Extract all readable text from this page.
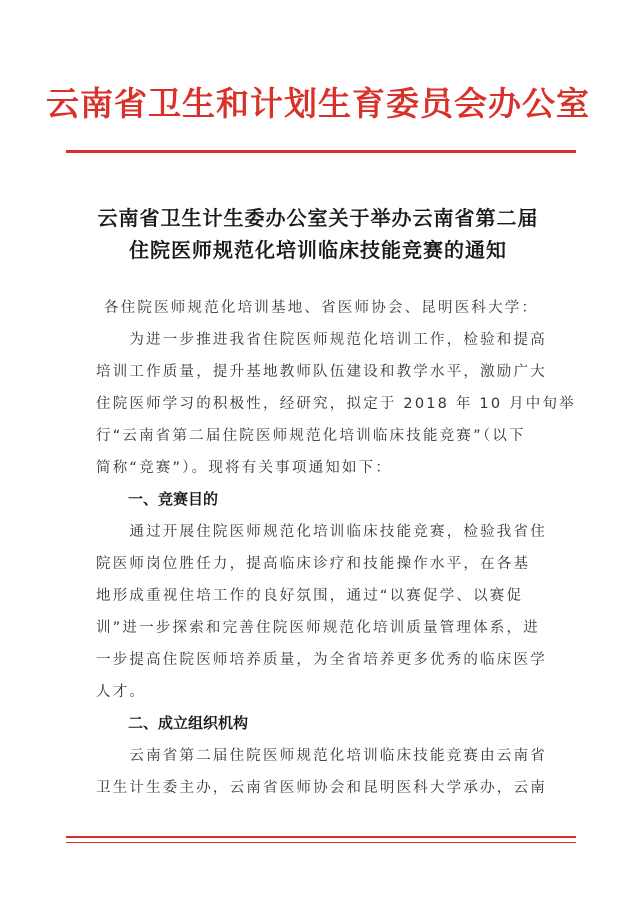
云南省卫生和计划生育委员会办公室
云南省卫生计生委办公室关于举办云南省第二届
住院医师规范化培训临床技能竞赛的通知
各住院医师规范化培训基地、省医师协会、昆明医科大学：
　　为进一步推进我省住院医师规范化培训工作，检验和提高
培训工作质量，提升基地教师队伍建设和教学水平，激励广大
住院医师学习的积极性，经研究，拟定于 2018 年 10 月中旬举
行“云南省第二届住院医师规范化培训临床技能竞赛”（以下
简称“竞赛”）。现将有关事项通知如下：
一、竞赛目的
　　通过开展住院医师规范化培训临床技能竞赛，检验我省住
院医师岗位胜任力，提高临床诊疗和技能操作水平，在各基
地形成重视住培工作的良好氛围，通过“以赛促学、以赛促
训”进一步探索和完善住院医师规范化培训质量管理体系，进
一步提高住院医师培养质量，为全省培养更多优秀的临床医学
人才。
二、成立组织机构
　　云南省第二届住院医师规范化培训临床技能竞赛由云南省
卫生计生委主办，云南省医师协会和昆明医科大学承办，云南
